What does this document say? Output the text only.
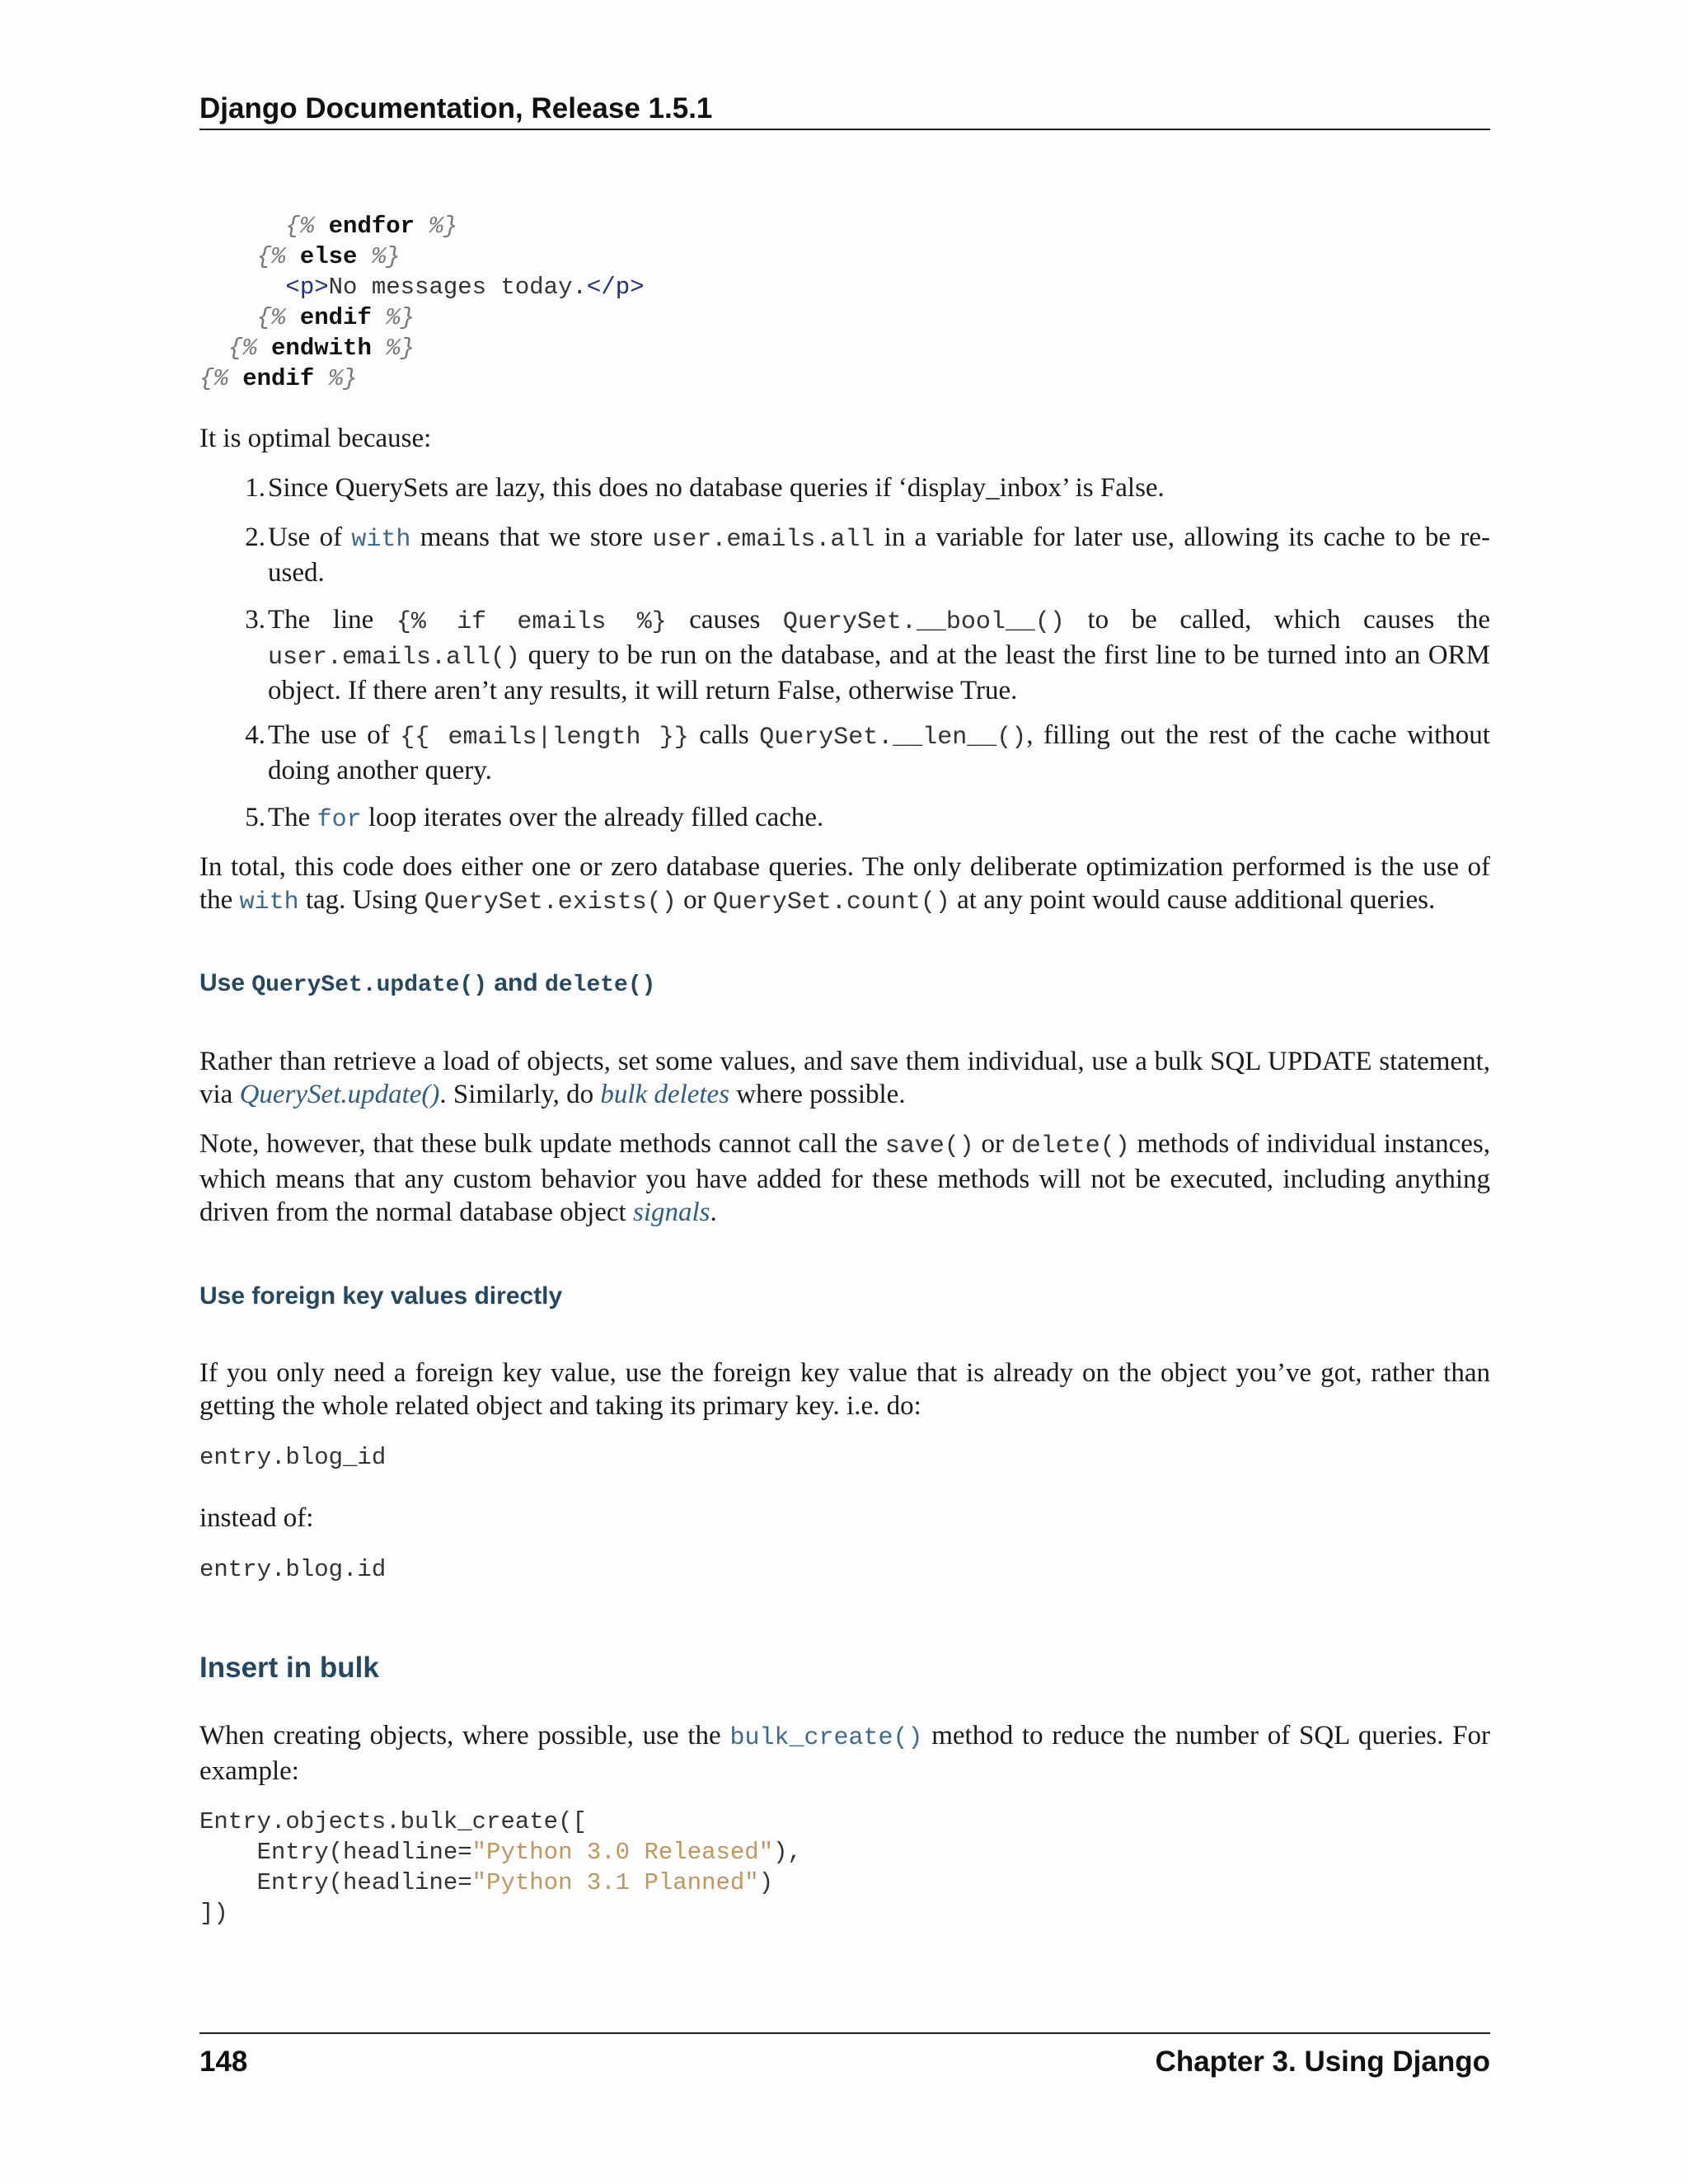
Django Documentation, Release 1.5.1
{% endfor %}
{% else %}
<p>No messages today.</p>
{% endif %}
{% endwith %}
{% endif %}

It is optimal because:

1. Since QuerySets are lazy, this does no database queries if ‘display_inbox’ is False.
2. Use of with means that we store user.emails.all in a variable for later use, allowing its cache to be re-used.
3. The line {% if emails %} causes QuerySet.__bool__() to be called, which causes the user.emails.all() query to be run on the database, and at the least the first line to be turned into an ORM object. If there aren’t any results, it will return False, otherwise True.
4. The use of {{ emails|length }} calls QuerySet.__len__(), filling out the rest of the cache without doing another query.
5. The for loop iterates over the already filled cache.

In total, this code does either one or zero database queries. The only deliberate optimization performed is the use of the with tag. Using QuerySet.exists() or QuerySet.count() at any point would cause additional queries.

Use QuerySet.update() and delete()

Rather than retrieve a load of objects, set some values, and save them individual, use a bulk SQL UPDATE statement, via QuerySet.update(). Similarly, do bulk deletes where possible.

Note, however, that these bulk update methods cannot call the save() or delete() methods of individual instances, which means that any custom behavior you have added for these methods will not be executed, including anything driven from the normal database object signals.

Use foreign key values directly

If you only need a foreign key value, use the foreign key value that is already on the object you’ve got, rather than getting the whole related object and taking its primary key. i.e. do:

entry.blog_id

instead of:

entry.blog.id
Insert in bulk

When creating objects, where possible, use the bulk_create() method to reduce the number of SQL queries. For example:

Entry.objects.bulk_create([
Entry(headline="Python 3.0 Released"),
Entry(headline="Python 3.1 Planned")
])
148	Chapter 3. Using Django
